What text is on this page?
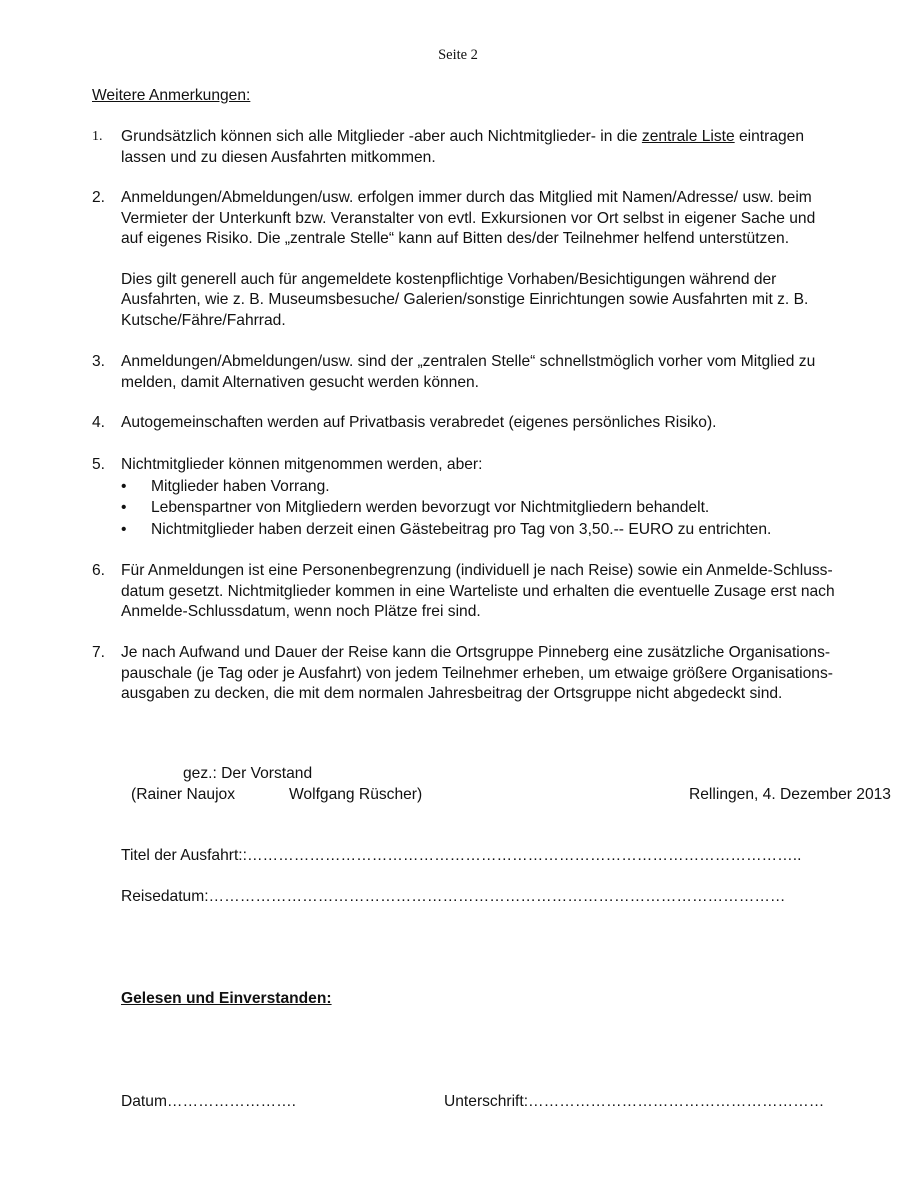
Seite 2
Weitere Anmerkungen:
1. Grundsätzlich können sich alle Mitglieder -aber auch Nichtmitglieder- in die zentrale Liste eintragen
lassen und zu diesen Ausfahrten mitkommen.
2. Anmeldungen/Abmeldungen/usw. erfolgen immer durch das Mitglied mit Namen/Adresse/ usw. beim
Vermieter der Unterkunft bzw. Veranstalter von evtl. Exkursionen vor Ort selbst in eigener Sache und
auf eigenes Risiko. Die „zentrale Stelle“ kann auf Bitten des/der Teilnehmer helfend unterstützen.
Dies gilt generell auch für angemeldete kostenpflichtige Vorhaben/Besichtigungen während der
Ausfahrten, wie z. B. Museumsbesuche/ Galerien/sonstige Einrichtungen sowie Ausfahrten mit z. B.
Kutsche/Fähre/Fahrrad.
3. Anmeldungen/Abmeldungen/usw. sind der „zentralen Stelle“ schnellstmöglich vorher vom Mitglied zu
melden, damit Alternativen gesucht werden können.
4. Autogemeinschaften werden auf Privatbasis verabredet (eigenes persönliches Risiko).
5. Nichtmitglieder können mitgenommen werden, aber:
• Mitglieder haben Vorrang.
• Lebenspartner von Mitgliedern werden bevorzugt vor Nichtmitgliedern behandelt.
• Nichtmitglieder haben derzeit einen Gästebeitrag pro Tag von 3,50.-- EURO zu entrichten.
6. Für Anmeldungen ist eine Personenbegrenzung (individuell je nach Reise) sowie ein Anmelde-Schluss-
datum gesetzt. Nichtmitglieder kommen in eine Warteliste und erhalten die eventuelle Zusage erst nach
Anmelde-Schlussdatum, wenn noch Plätze frei sind.
7. Je nach Aufwand und Dauer der Reise kann die Ortsgruppe Pinneberg eine zusätzliche Organisations-
pauschale (je Tag oder je Ausfahrt) von jedem Teilnehmer erheben, um etwaige größere Organisations-
ausgaben zu decken, die mit dem normalen Jahresbeitrag der Ortsgruppe nicht abgedeckt sind.
gez.: Der Vorstand
(Rainer Naujox	Wolfgang Rüscher)	Rellingen, 4. Dezember 2013
Titel der Ausfahrt::……………………………………………………………………………………………..
Reisedatum:…………………………………………………………………………………………………
Gelesen und Einverstanden:
Datum…………………….	Unterschrift:…………………………………………………
